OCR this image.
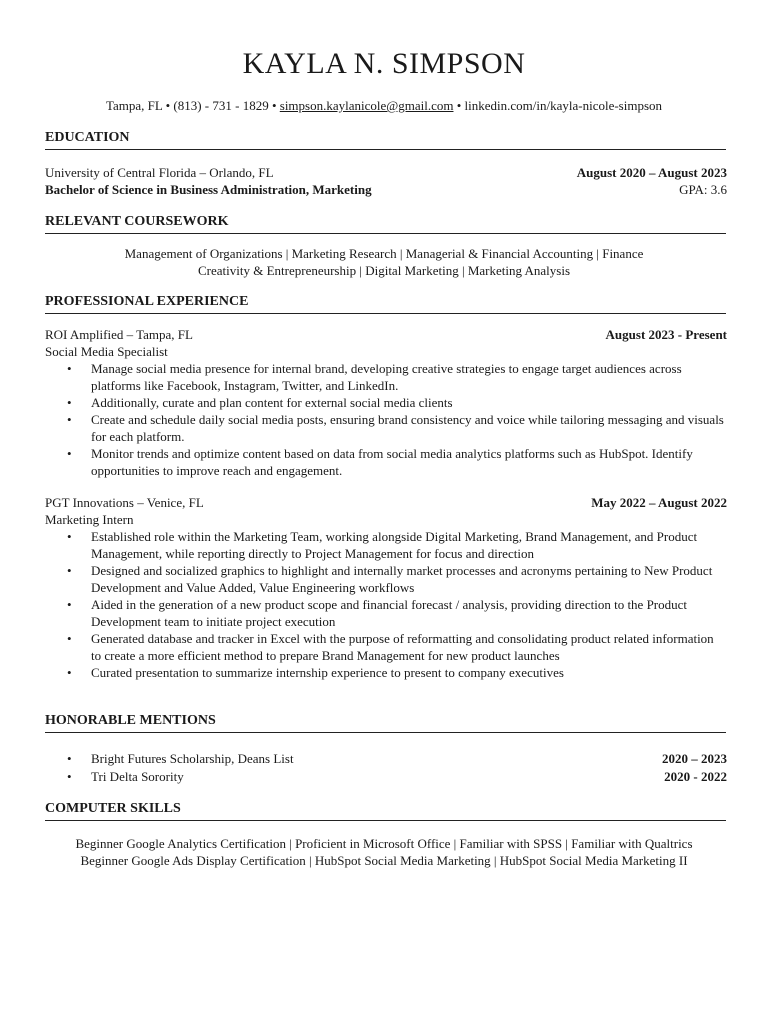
KAYLA N. SIMPSON
Tampa, FL • (813) - 731 - 1829 • simpson.kaylanicole@gmail.com • linkedin.com/in/kayla-nicole-simpson
EDUCATION
University of Central Florida – Orlando, FL	August 2020 – August 2023
Bachelor of Science in Business Administration, Marketing	GPA: 3.6
RELEVANT COURSEWORK
Management of Organizations | Marketing Research | Managerial & Financial Accounting | Finance
Creativity & Entrepreneurship | Digital Marketing | Marketing Analysis
PROFESSIONAL EXPERIENCE
ROI Amplified – Tampa, FL	August 2023 - Present
Social Media Specialist
• Manage social media presence for internal brand, developing creative strategies to engage target audiences across platforms like Facebook, Instagram, Twitter, and LinkedIn.
• Additionally, curate and plan content for external social media clients
• Create and schedule daily social media posts, ensuring brand consistency and voice while tailoring messaging and visuals for each platform.
• Monitor trends and optimize content based on data from social media analytics platforms such as HubSpot. Identify opportunities to improve reach and engagement.
PGT Innovations – Venice, FL	May 2022 – August 2022
Marketing Intern
• Established role within the Marketing Team, working alongside Digital Marketing, Brand Management, and Product Management, while reporting directly to Project Management for focus and direction
• Designed and socialized graphics to highlight and internally market processes and acronyms pertaining to New Product Development and Value Added, Value Engineering workflows
• Aided in the generation of a new product scope and financial forecast / analysis, providing direction to the Product Development team to initiate project execution
• Generated database and tracker in Excel with the purpose of reformatting and consolidating product related information to create a more efficient method to prepare Brand Management for new product launches
• Curated presentation to summarize internship experience to present to company executives
HONORABLE MENTIONS
• Bright Futures Scholarship, Deans List	2020 – 2023
• Tri Delta Sorority	2020 - 2022
COMPUTER SKILLS
Beginner Google Analytics Certification | Proficient in Microsoft Office | Familiar with SPSS | Familiar with Qualtrics
Beginner Google Ads Display Certification | HubSpot Social Media Marketing | HubSpot Social Media Marketing II
